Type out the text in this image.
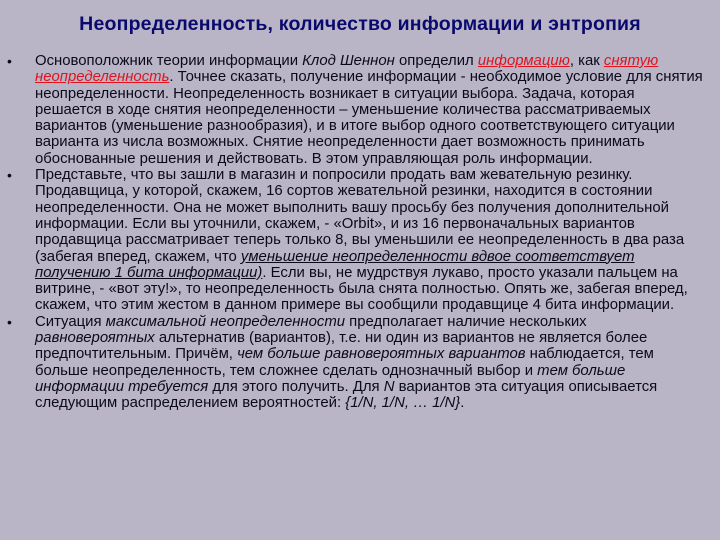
Неопределенность, количество информации и энтропия
• Основоположник теории информации Клод Шеннон определил информацию, как снятую неопределенность. Точнее сказать, получение информации - необходимое условие для снятия неопределенности. Неопределенность возникает в ситуации выбора. Задача, которая решается в ходе снятия неопределенности – уменьшение количества рассматриваемых вариантов (уменьшение разнообразия), и в итоге выбор одного соответствующего ситуации варианта из числа возможных. Снятие неопределенности дает возможность принимать обоснованные решения и действовать. В этом управляющая роль информации.
• Представьте, что вы зашли в магазин и попросили продать вам жевательную резинку. Продавщица, у которой, скажем, 16 сортов жевательной резинки, находится в состоянии неопределенности. Она не может выполнить вашу просьбу без получения дополнительной информации. Если вы уточнили, скажем, - «Orbit», и из 16 первоначальных вариантов продавщица рассматривает теперь только 8, вы уменьшили ее неопределенность в два раза (забегая вперед, скажем, что уменьшение неопределенности вдвое соответствует получению 1 бита информации). Если вы, не мудрствуя лукаво, просто указали пальцем на витрине, - «вот эту!», то неопределенность была снята полностью. Опять же, забегая вперед, скажем, что этим жестом в данном примере вы сообщили продавщице 4 бита информации.
• Ситуация максимальной неопределенности предполагает наличие нескольких равновероятных альтернатив (вариантов), т.е. ни один из вариантов не является более предпочтительным. Причём, чем больше равновероятных вариантов наблюдается, тем больше неопределенность, тем сложнее сделать однозначный выбор и тем больше информации требуется для этого получить. Для N вариантов эта ситуация описывается следующим распределением вероятностей: {1/N, 1/N, … 1/N}.
